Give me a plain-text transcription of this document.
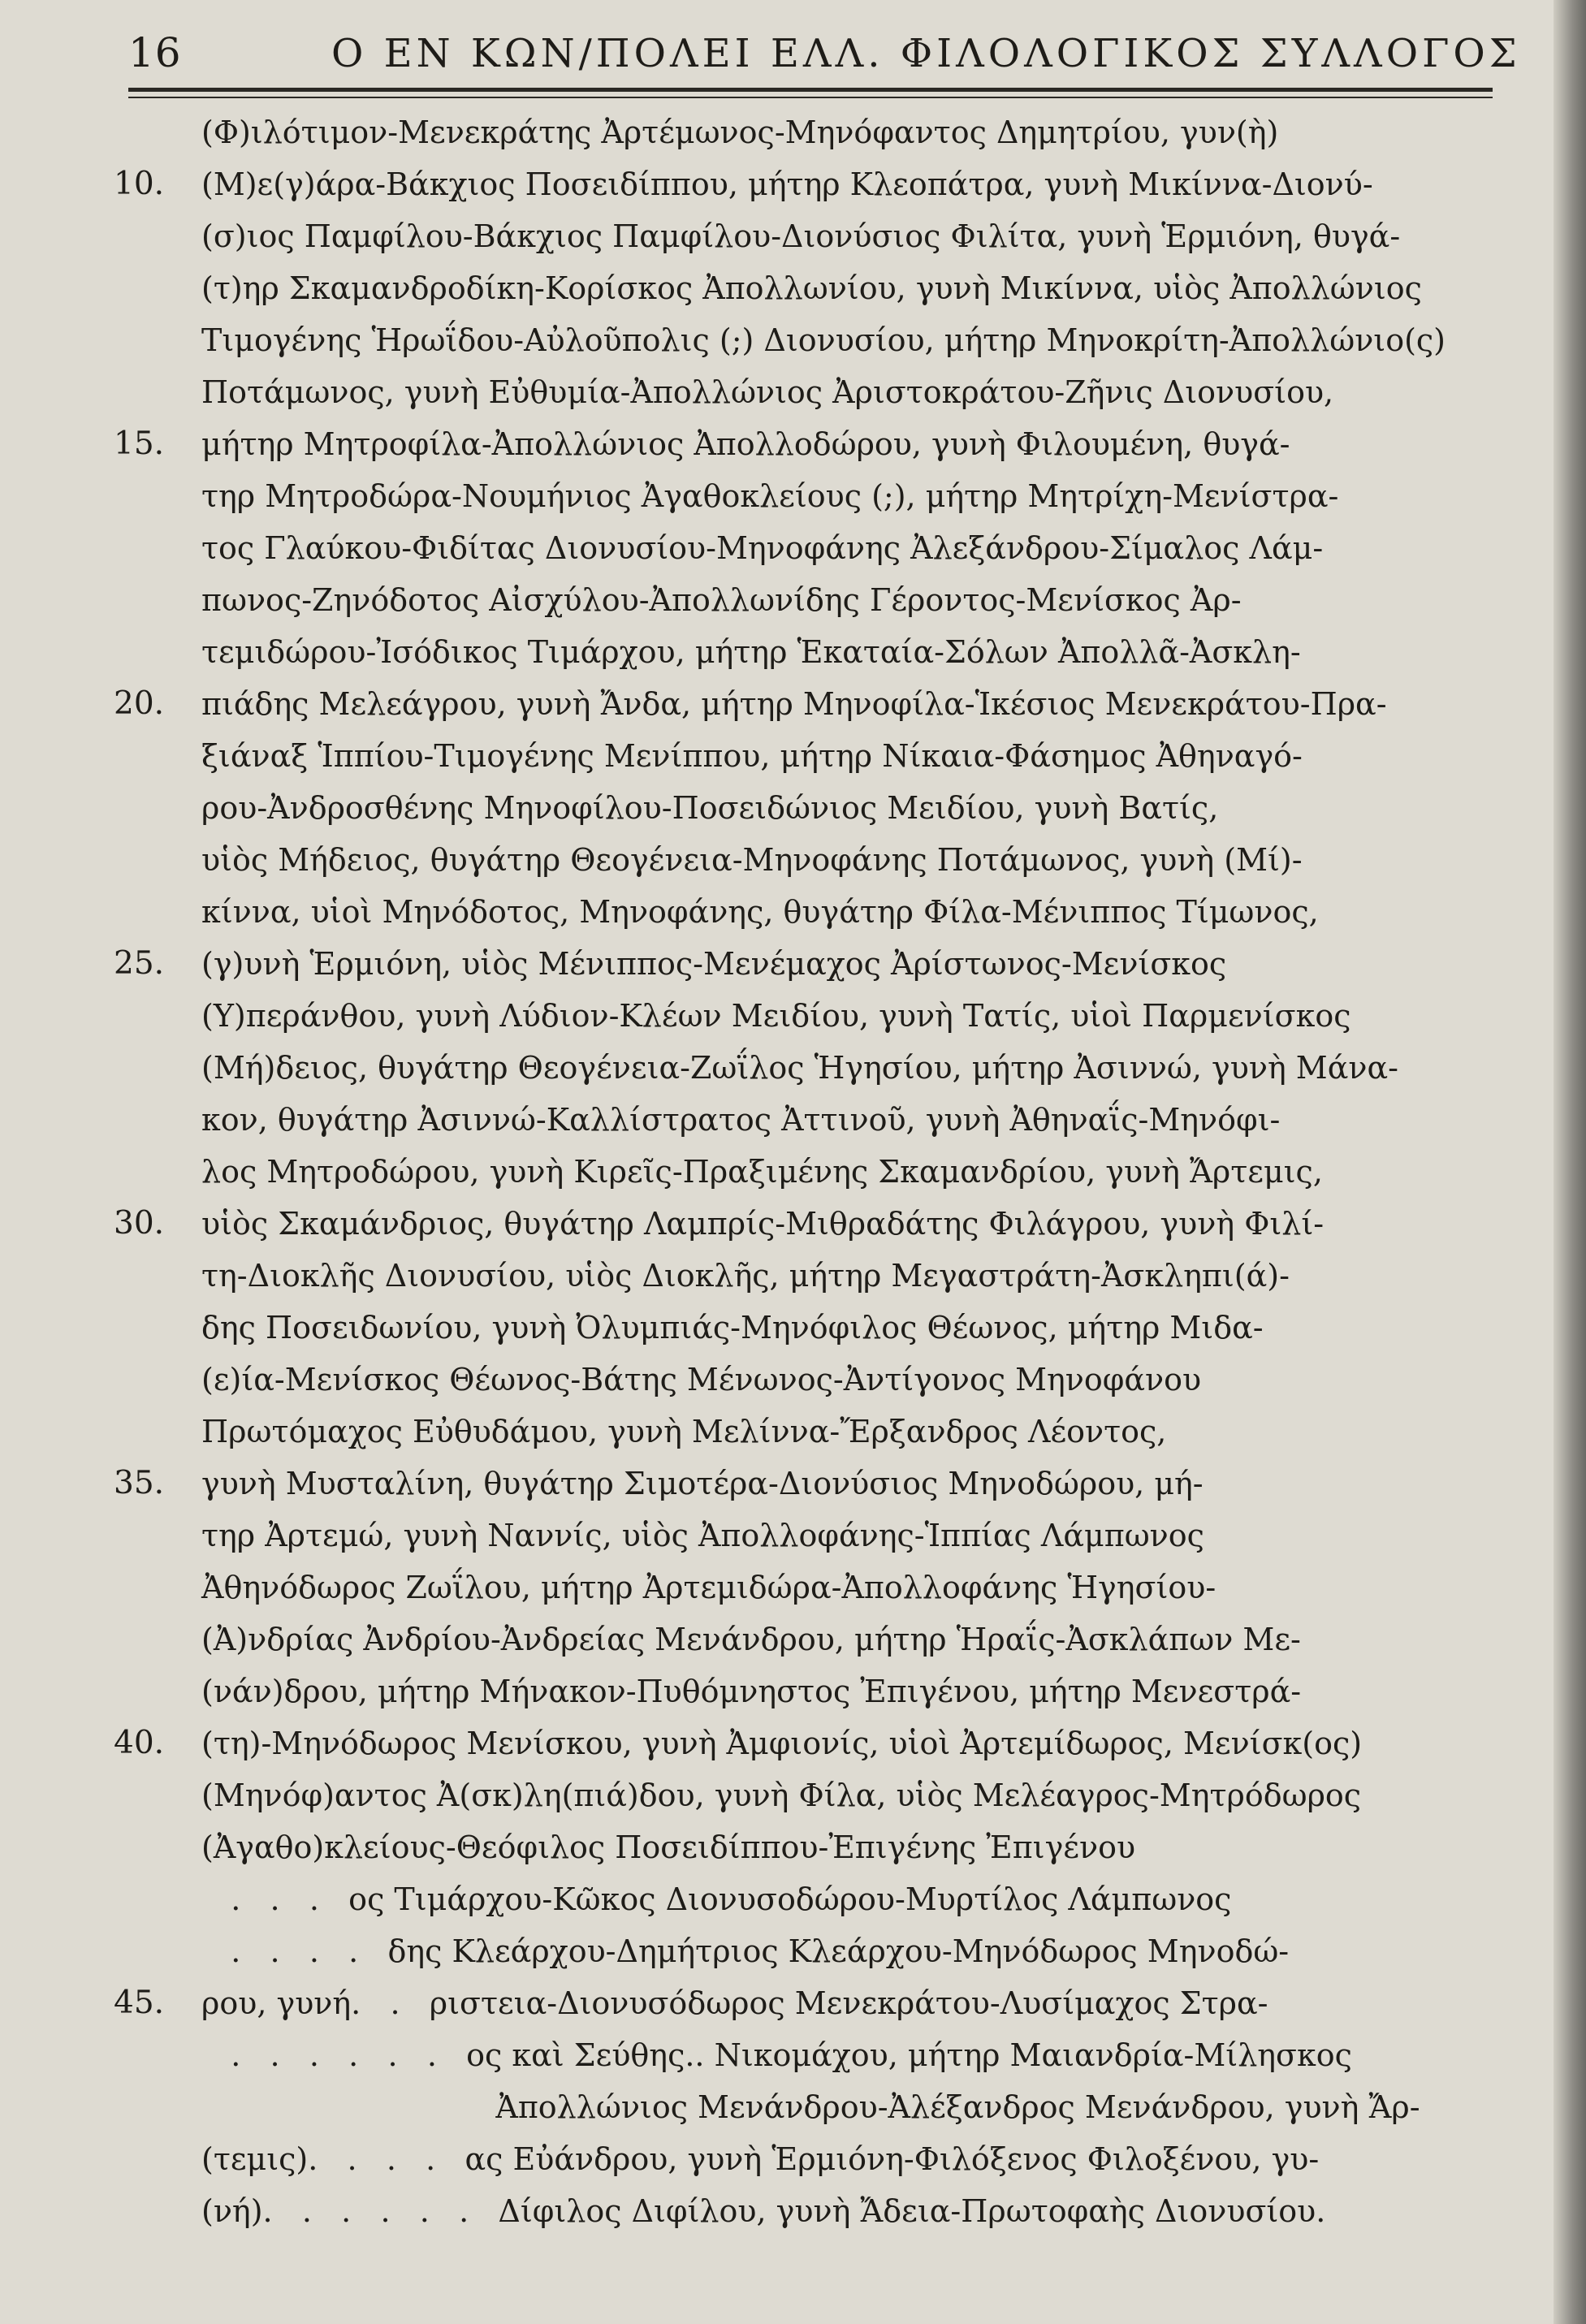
16	Ο ΕΝ ΚΩΝ/ΠΟΛΕΙ ΕΛΛ. ΦΙΛΟΛΟΓΙΚΟΣ ΣΥΛΛΟΓΟΣ
(Φ)ιλότιμον-Μενεκράτης Ἀρτέμωνος-Μηνόφαντος Δημητρίου, γυν(ὴ)
10. (Μ)ε(γ)άρα-Βάκχιος Ποσειδίππου, μήτηρ Κλεοπάτρα, γυνὴ Μικίννα-Διονύ-
(σ)ιος Παμφίλου-Βάκχιος Παμφίλου-Διονύσιος Φιλίτα, γυνὴ Ἑρμιόνη, θυγά-
(τ)ηρ Σκαμανδροδίκη-Κορίσκος Ἀπολλωνίου, γυνὴ Μικίννα, υἱὸς Ἀπολλώνιος
Τιμογένης Ἡρωΐδου-Αὐλοῦπολις (;) Διονυσίου, μήτηρ Μηνοκρίτη-Ἀπολλώνιο(ς)
Ποτάμωνος, γυνὴ Εὐθυμία-Ἀπολλώνιος Ἀριστοκράτου-Ζῆνις Διονυσίου,
15. μήτηρ Μητροφίλα-Ἀπολλώνιος Ἀπολλοδώρου, γυνὴ Φιλουμένη, θυγά-
τηρ Μητροδώρα-Νουμήνιος Ἀγαθοκλείους (;), μήτηρ Μητρίχη-Μενίστρα-
τος Γλαύκου-Φιδίτας Διονυσίου-Μηνοφάνης Ἀλεξάνδρου-Σίμαλος Λάμ-
πωνος-Ζηνόδοτος Αἰσχύλου-Ἀπολλωνίδης Γέροντος-Μενίσκος Ἀρ-
τεμιδώρου-Ἰσόδικος Τιμάρχου, μήτηρ Ἑκαταία-Σόλων Ἀπολλᾶ-Ἀσκλη-
20. πιάδης Μελεάγρου, γυνὴ Ἄνδα, μήτηρ Μηνοφίλα-Ἱκέσιος Μενεκράτου-Πρα-
ξιάναξ Ἱππίου-Τιμογένης Μενίππου, μήτηρ Νίκαια-Φάσημος Ἀθηναγό-
ρου-Ἀνδροσθένης Μηνοφίλου-Ποσειδώνιος Μειδίου, γυνὴ Βατίς,
υἱὸς Μήδειος, θυγάτηρ Θεογένεια-Μηνοφάνης Ποτάμωνος, γυνὴ (Μί)-
κίννα, υἱοὶ Μηνόδοτος, Μηνοφάνης, θυγάτηρ Φίλα-Μένιππος Τίμωνος,
25. (γ)υνὴ Ἑρμιόνη, υἱὸς Μένιππος-Μενέμαχος Ἀρίστωνος-Μενίσκος
(Υ)περάνθου, γυνὴ Λύδιον-Κλέων Μειδίου, γυνὴ Τατίς, υἱοὶ Παρμενίσκος
(Μή)δειος, θυγάτηρ Θεογένεια-Ζωΐλος Ἡγησίου, μήτηρ Ἀσιννώ, γυνὴ Μάνα-
κον, θυγάτηρ Ἀσιννώ-Καλλίστρατος Ἀττινοῦ, γυνὴ Ἀθηναΐς-Μηνόφι-
λος Μητροδώρου, γυνὴ Κιρεῖς-Πραξιμένης Σκαμανδρίου, γυνὴ Ἄρτεμις,
30. υἱὸς Σκαμάνδριος, θυγάτηρ Λαμπρίς-Μιθραδάτης Φιλάγρου, γυνὴ Φιλί-
τη-Διοκλῆς Διονυσίου, υἱὸς Διοκλῆς, μήτηρ Μεγαστράτη-Ἀσκληπι(ά)-
δης Ποσειδωνίου, γυνὴ Ὀλυμπιάς-Μηνόφιλος Θέωνος, μήτηρ Μιδα-
(ε)ία-Μενίσκος Θέωνος-Βάτης Μένωνος-Ἀντίγονος Μηνοφάνου
Πρωτόμαχος Εὐθυδάμου, γυνὴ Μελίννα-Ἔρξανδρος Λέοντος,
35. γυνὴ Μυσταλίνη, θυγάτηρ Σιμοτέρα-Διονύσιος Μηνοδώρου, μή-
τηρ Ἀρτεμώ, γυνὴ Ναννίς, υἱὸς Ἀπολλοφάνης-Ἱππίας Λάμπωνος
Ἀθηνόδωρος Ζωΐλου, μήτηρ Ἀρτεμιδώρα-Ἀπολλοφάνης Ἡγησίου-
(Ἀ)νδρίας Ἀνδρίου-Ἀνδρείας Μενάνδρου, μήτηρ Ἡραΐς-Ἀσκλάπων Με-
(νάν)δρου, μήτηρ Μήνακον-Πυθόμνηστος Ἐπιγένου, μήτηρ Μενεστρά-
40. (τη)-Μηνόδωρος Μενίσκου, γυνὴ Ἀμφιονίς, υἱοὶ Ἀρτεμίδωρος, Μενίσκ(ος)
(Μηνόφ)αντος Ἀ(σκ)λη(πιά)δου, γυνὴ Φίλα, υἱὸς Μελέαγρος-Μητρόδωρος
(Ἀγαθο)κλείους-Θεόφιλος Ποσειδίππου-Ἐπιγένης Ἐπιγένου
.   .   .   ος Τιμάρχου-Κῶκος Διονυσοδώρου-Μυρτίλος Λάμπωνος
.   .   .   .   δης Κλεάρχου-Δημήτριος Κλεάρχου-Μηνόδωρος Μηνοδώ-
45. ρου, γυνή.   .   ριστεια-Διονυσόδωρος Μενεκράτου-Λυσίμαχος Στρα-
.   .   .   .   .   .   ος καὶ Σεύθης.. Νικομάχου, μήτηρ Μαιανδρία-Μίλησκος
Ἀπολλώνιος Μενάνδρου-Ἀλέξανδρος Μενάνδρου, γυνὴ Ἄρ-
(τεμις).   .   .   .   ας Εὐάνδρου, γυνὴ Ἑρμιόνη-Φιλόξενος Φιλοξένου, γυ-
(νή).   .   .   .   .   .   Δίφιλος Διφίλου, γυνὴ Ἄδεια-Πρωτοφαὴς Διονυσίου.
